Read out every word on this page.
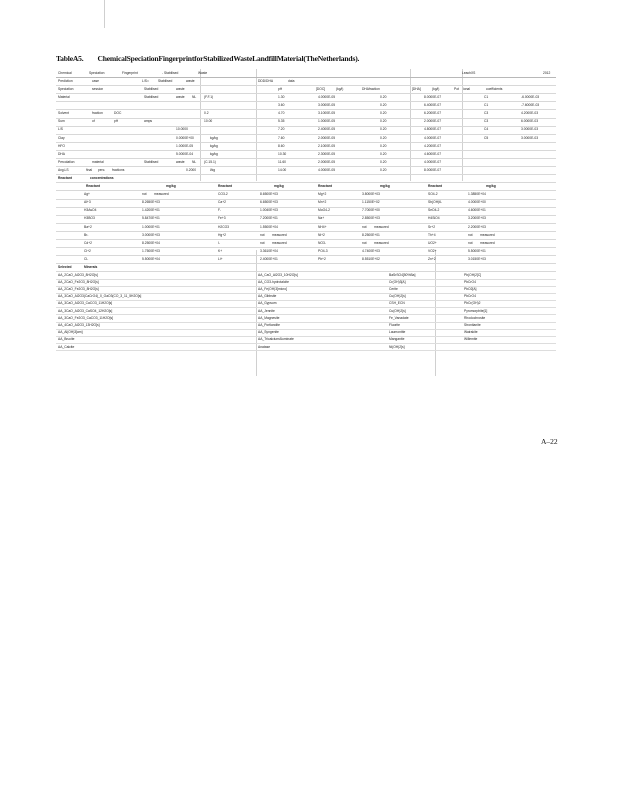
TableA5. ChemicalSpeciationFingerprintforStabilizedWasteLandfillMaterial(TheNetherlands).
Chemical	Speciation	Fingerprint	- Stabilised	Waste	LeachXS	2012
Prediction	case	L/S=	Stabilised	waste	DDD/DHA	data
Speciation	session	Stabilised	waste	pH	[DOC]	(kg/l)	DHAfraction	[DHA]	(kg/l)	Pot ional	coefficients
Material	Stabilised	waste NL (F.F.1)	1.30	4.0000E-05	0.20	8.0000E-07	C1	-6.0000E-03
3.60	3.0000E-05	0.20	6.4000E-07	C1	-7.6000E-03
Solvent	fraction	DOC	0.2	4.70	3.1000E-05	0.20	6.2000E-07	C3	4.2000E-03
Sum	of	pH	amps	10.00	5.35	1.0000E-05	0.20	2.0000E-07	C3	6.0000E-03
L/S	10.0000	7.20	2.4000E-05	0.20	4.8000E-07	C4	3.0000E-03
Clay	0.0000E+00	kg/kg	7.60	2.0000E-05	0.20	4.0000E-07	C5	3.0000E-03
HFO	1.0000E-05	kg/kg	8.60	2.1000E-05	0.20	4.2000E-07
DHA	5.0000E-04	kg/kg	10.30	2.3000E-05	0.20	4.6000E-07
Percolation	material	Stabilised	waste NL (C.15.1)	11.60	2.0000E-05	0.20	4.0000E-07
Avg.LS	final perc. fractions	0.2000	l/kg	14.00	4.0000E-05	0.20	8.0000E-07
Reactant	concentrations
Reactant	mg/kg	Reactant	mg/kg	Reactant	mg/kg	Reactant	mg/kg
Ag+	not measured	CO3-2	8.6500E+03	Mg+2	3.8000E+03	SO4-2	1.3850E+04
Al+3	8.2650E+03	Ca+2	6.6500E+03	Mn+2	1.1150E+02	Sb(OH)6-	4.0000E+00
H3AsO4	1.4200E+01	F-	1.0040E+03	MoO4-2	7.7000E+00	SeO4-2	4.6000E+01
H3BO3	5.8470E+01	Fe+3	7.2000E+01	Na+	2.8500E+03	H4SiO4	3.2000E+03
Ba+2	1.0000E+01	H2CO3	1.5500E+04	NH4+	not measured	Sr+2	2.2000E+03
Br-	3.0000E+03	Hg+2	not measured	Ni+2	8.2500E+01	Th+4	not measured
Cd+2	8.2500E+04	I-	not measured	NO3-	not measured	UO2+	not measured
Cl+2	1.7500E+03	K+	3.3610E+04	PO4-3	4.7400E+03	VO2+	5.5000E+01
Cl-	5.5000E+04	Li+	2.4000E+01	Pb+2	8.5510E+02	Zn+2	3.0150E+03
Selected	Minerals
AA_2CaO_Al2O3_8H2O[s]	AA_CaO_Al2O3_10H2O[s]	BaSrSO4[50%Ba]	Pb(OH)2[C]
AA_2CaO_Fe2O3_8H2O[s]	AA_CO3-hydrotalcite	Cr(OH)3[A]	PbCrO4
AA_2CaO_Fe2O3_8H2O[s]	AA_Fe(OH)3[micro]	Cerite	PbO2[A]
AA_3CaO_Al2O3(CaCrO4)_0_OaO3(CO_3_11_5H2O[s]	AA_Gibbsite	Cu(OH)2[s]	PbCrO4
AA_3CaO_Al2O3_CaCO3_11H2O[s]	AA_Gypsum	CSH_ECN	PbCr(OH)2
AA_3CaO_Al2O3_CaSO4_12H2O[s]	AA_Jennite	Cu(OH)2[s]	Pyromorphite[1]
AA_3CaO_Fe2O3_CaCO3_11H2O[s]	AA_Magnesite	Fe_Vanadate	Rhodochrosite
AA_4CaO_Al2O3_13H2O[s]	AA_Portlandite	Fluorite	Strontianite
AA_Al(OH)3[am]	AA_Syngenite	Laumontite	Wairakite
AA_Brucite	AA_TricalciumAluminate	Manganite	Willemite
AA_Calcite	Anatase	Ni(OH)2[s]
A–22
